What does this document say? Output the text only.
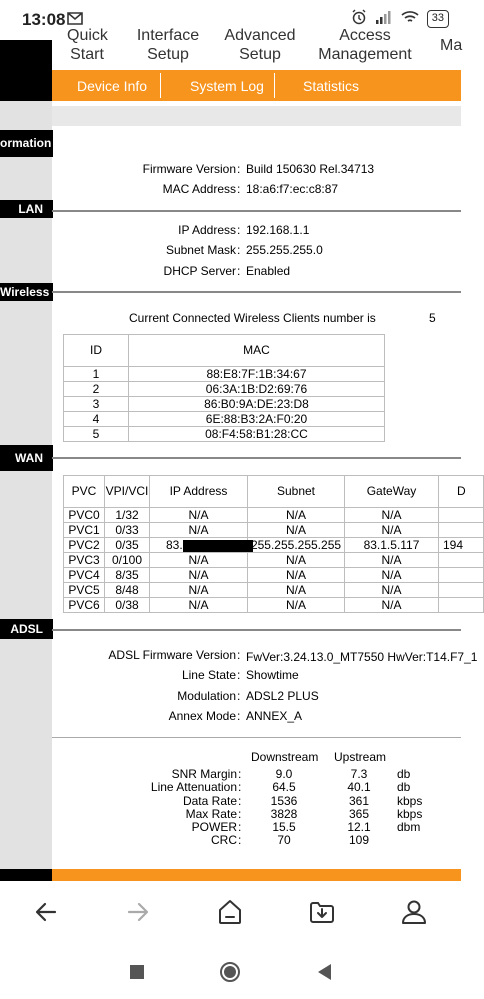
13:08	33
Quick
Start
Interface
Setup
Advanced
Setup
Access
Management
Ma
Device Info	System Log	Statistics
ormation
LAN
Wireless
WAN
ADSL
Firmware Version : Build 150630 Rel.34713
MAC Address : 18:a6:f7:ec:c8:87
IP Address : 192.168.1.1
Subnet Mask : 255.255.255.0
DHCP Server : Enabled
Current Connected Wireless Clients number is	5
ID	MAC
1	88:E8:7F:1B:34:67
2	06:3A:1B:D2:69:76
3	86:B0:9A:DE:23:D8
4	6E:88:B3:2A:F0:20
5	08:F4:58:B1:28:CC
PVC	VPI/VCI	IP Address	Subnet	GateWay	D
PVC0	1/32	N/A	N/A	N/A	
PVC1	0/33	N/A	N/A	N/A	
PVC2	0/35	83.	255.255.255.255	83.1.5.117	194
PVC3	0/100	N/A	N/A	N/A	
PVC4	8/35	N/A	N/A	N/A	
PVC5	8/48	N/A	N/A	N/A	
PVC6	0/38	N/A	N/A	N/A	
ADSL Firmware Version : FwVer:3.24.13.0_MT7550 HwVer:T14.F7_1
Line State : Showtime
Modulation : ADSL2 PLUS
Annex Mode : ANNEX_A
Downstream Upstream
SNR Margin :	9.0	7.3	db
Line Attenuation :	64.5	40.1	db
Data Rate :	1536	361	kbps
Max Rate :	3828	365	kbps
POWER :	15.5	12.1	dbm
CRC :	70	109
